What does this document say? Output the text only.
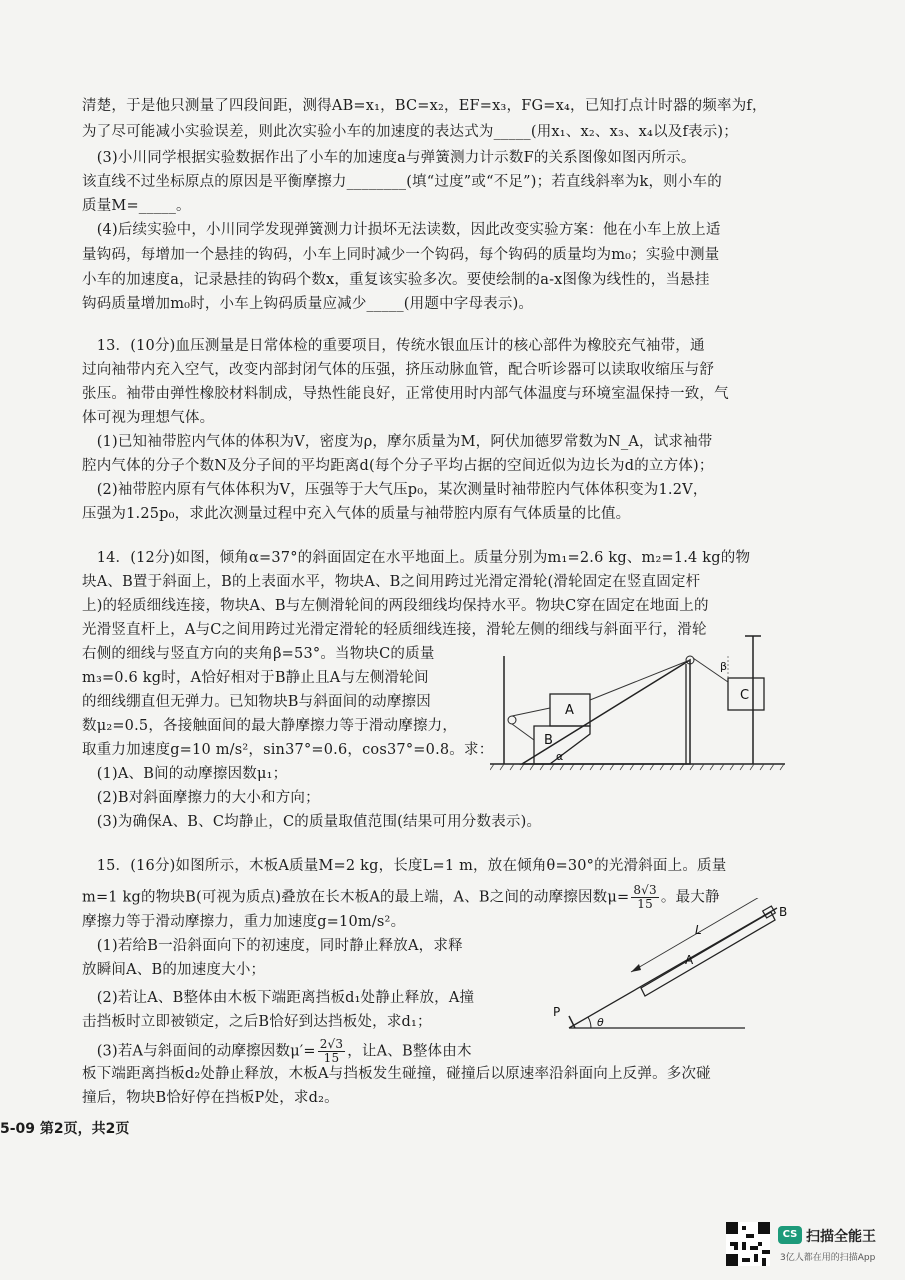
清楚，于是他只测量了四段间距，测得AB=x₁，BC=x₂，EF=x₃，FG=x₄，已知打点计时器的频率为f，
为了尽可能减小实验误差，则此次实验小车的加速度的表达式为_____(用x₁、x₂、x₃、x₄以及f表示)；
　(3)小川同学根据实验数据作出了小车的加速度a与弹簧测力计示数F的关系图像如图丙所示。
该直线不过坐标原点的原因是平衡摩擦力________(填“过度”或“不足”)；若直线斜率为k，则小车的
质量M=_____。
　(4)后续实验中，小川同学发现弹簧测力计损坏无法读数，因此改变实验方案：他在小车上放上适
量钩码，每增加一个悬挂的钩码，小车上同时减少一个钩码，每个钩码的质量均为m₀；实验中测量
小车的加速度a，记录悬挂的钩码个数x，重复该实验多次。要使绘制的a-x图像为线性的，当悬挂
钩码质量增加m₀时，小车上钩码质量应减少_____(用题中字母表示)。
　13．(10分)血压测量是日常体检的重要项目，传统水银血压计的核心部件为橡胶充气袖带，通
过向袖带内充入空气，改变内部封闭气体的压强，挤压动脉血管，配合听诊器可以读取收缩压与舒
张压。袖带由弹性橡胶材料制成，导热性能良好，正常使用时内部气体温度与环境室温保持一致，气
体可视为理想气体。
　(1)已知袖带腔内气体的体积为V，密度为ρ，摩尔质量为M，阿伏加德罗常数为N_A，试求袖带
腔内气体的分子个数N及分子间的平均距离d(每个分子平均占据的空间近似为边长为d的立方体)；
　(2)袖带腔内原有气体体积为V，压强等于大气压p₀，某次测量时袖带腔内气体体积变为1.2V，
压强为1.25p₀，求此次测量过程中充入气体的质量与袖带腔内原有气体质量的比值。
　14．(12分)如图，倾角α=37°的斜面固定在水平地面上。质量分别为m₁=2.6 kg、m₂=1.4 kg的物
块A、B置于斜面上，B的上表面水平，物块A、B之间用跨过光滑定滑轮(滑轮固定在竖直固定杆
上)的轻质细线连接，物块A、B与左侧滑轮间的两段细线均保持水平。物块C穿在固定在地面上的
光滑竖直杆上，A与C之间用跨过光滑定滑轮的轻质细线连接，滑轮左侧的细线与斜面平行，滑轮
右侧的细线与竖直方向的夹角β=53°。当物块C的质量
m₃=0.6 kg时，A恰好相对于B静止且A与左侧滑轮间
的细线绷直但无弹力。已知物块B与斜面间的动摩擦因
数μ₂=0.5，各接触面间的最大静摩擦力等于滑动摩擦力，
取重力加速度g=10 m/s²，sin37°=0.6，cos37°=0.8。求：
　(1)A、B间的动摩擦因数μ₁；
　(2)B对斜面摩擦力的大小和方向；
　(3)为确保A、B、C均静止，C的质量取值范围(结果可用分数表示)。
　15．(16分)如图所示，木板A质量M=2 kg，长度L=1 m，放在倾角θ=30°的光滑斜面上。质量
m=1 kg的物块B(可视为质点)叠放在长木板A的最上端，A、B之间的动摩擦因数$\mu= \frac{8√3}{15}$ 。最大静
摩擦力等于滑动摩擦力，重力加速度g=10m/s²。
　(1)若给B一沿斜面向下的初速度，同时静止释放A，求释
放瞬间A、B的加速度大小；
　(2)若让A、B整体由木板下端距离挡板d₁处静止释放，A撞
击挡板时立即被锁定，之后B恰好到达挡板处，求d₁；
　(3)若A与斜面间的动摩擦因数$\mu'= \frac{2√3}{15}$ ，让A、B整体由木
板下端距离挡板d₂处静止释放，木板A与挡板发生碰撞，碰撞后以原速率沿斜面向上反弹。多次碰
撞后，物块B恰好停在挡板P处，求d₂。
5-09 第2页，共2页
B
A
α
C
β
P
A
B
L
θ
CS 扫描全能王
3亿人都在用的扫描App
